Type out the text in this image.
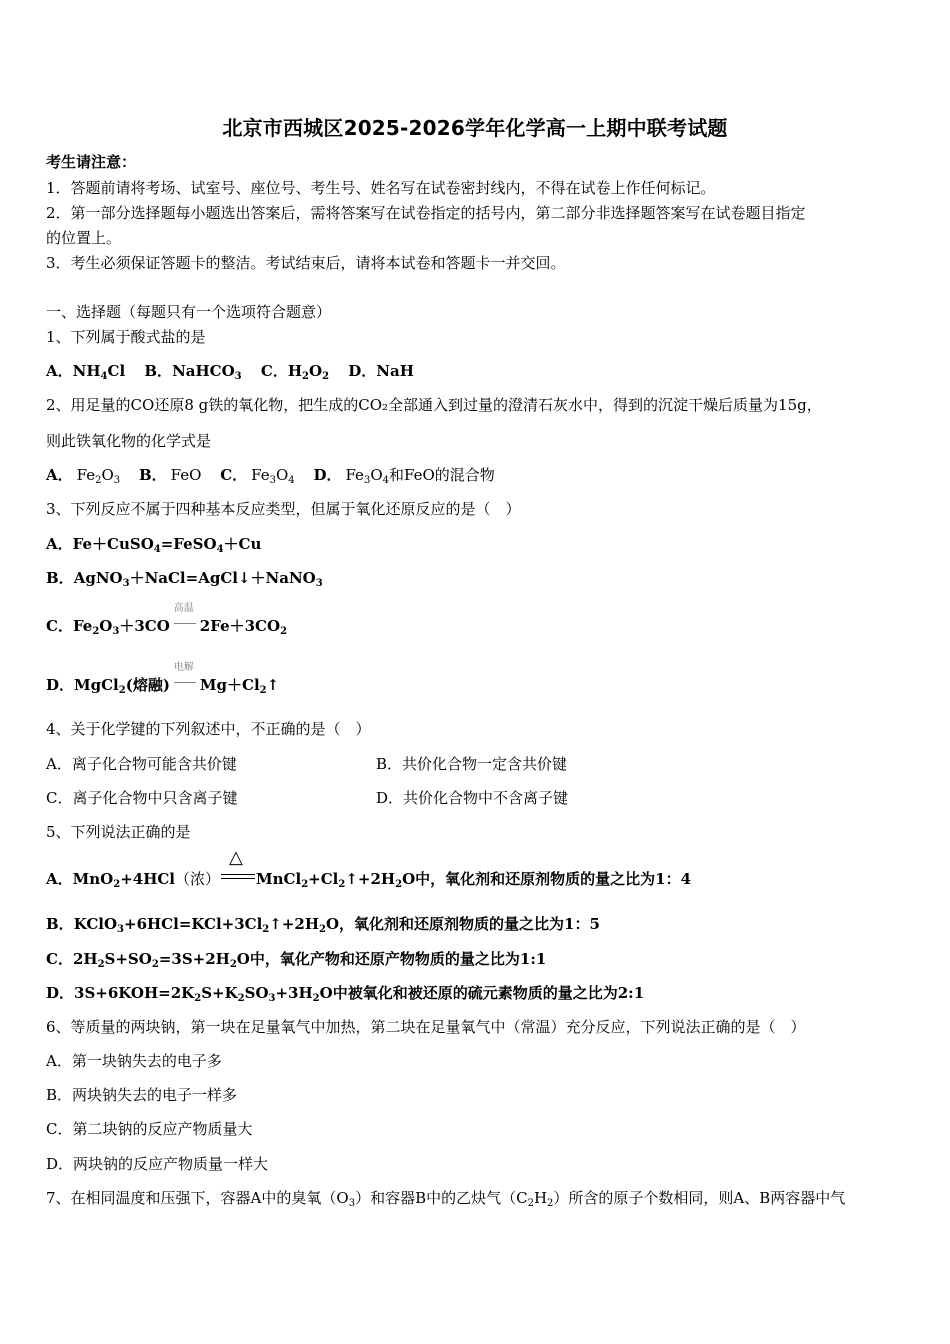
北京市西城区2025-2026学年化学高一上期中联考试题
考生请注意：
1．答题前请将考场、试室号、座位号、考生号、姓名写在试卷密封线内，不得在试卷上作任何标记。
2．第一部分选择题每小题选出答案后，需将答案写在试卷指定的括号内，第二部分非选择题答案写在试卷题目指定
的位置上。
3．考生必须保证答题卡的整洁。考试结束后，请将本试卷和答题卡一并交回。
一、选择题（每题只有一个选项符合题意）
1、下列属于酸式盐的是
A．$NH_4Cl$ B．NaHCO$_3$ C．$H_2O_2$ D．NaH
2、用足量的CO还原8 g铁的氧化物，把生成的CO₂全部通入到过量的澄清石灰水中，得到的沉淀干燥后质量为15g，
则此铁氧化物的化学式是
A． $Fe_2O_3$ B． FeO C． $Fe_3O_4$ D． $Fe_3O_4$和FeO的混合物
3、下列反应不属于四种基本反应类型，但属于氧化还原反应的是（　）
A．Fe＋CuSO$_4$=FeSO$_4$＋Cu
B．AgNO$_3$＋NaCl=AgCl↓＋NaNO$_3$
C．$Fe_2O_3+3CO$
高温
$2Fe+3CO_2$
D．MgCl$_2$(熔融)
电解
$Mg+Cl_2↑$
4、关于化学键的下列叙述中，不正确的是（　）
A．离子化合物可能含共价键	B．共价化合物一定含共价键
C．离子化合物中只含离子键	D．共价化合物中不含离子键
5、下列说法正确的是
A．MnO$_2$+4HCl（浓）
△
$MnCl_2+Cl_2↑+2H_2O$中，氧化剂和还原剂物质的量之比为1：4
B．$KClO_3+6HCl=KCl+3Cl_2↑+2H_2O$，氧化剂和还原剂物质的量之比为1：5
C．$2H_2S+SO_2=3S+2H_2O$中，氧化产物和还原产物物质的量之比为1:1
D．$3S+6KOH=2K_2S+K_2SO_3+3H_2O$中被氧化和被还原的硫元素物质的量之比为2:1
6、等质量的两块钠，第一块在足量氧气中加热，第二块在足量氧气中（常温）充分反应，下列说法正确的是（　）
A．第一块钠失去的电子多
B．两块钠失去的电子一样多
C．第二块钠的反应产物质量大
D．两块钠的反应产物质量一样大
7、在相同温度和压强下，容器A中的臭氧$(O_3)$和容器B中的乙炔气$(C_2H_2)$所含的原子个数相同，则A、B两容器中气
